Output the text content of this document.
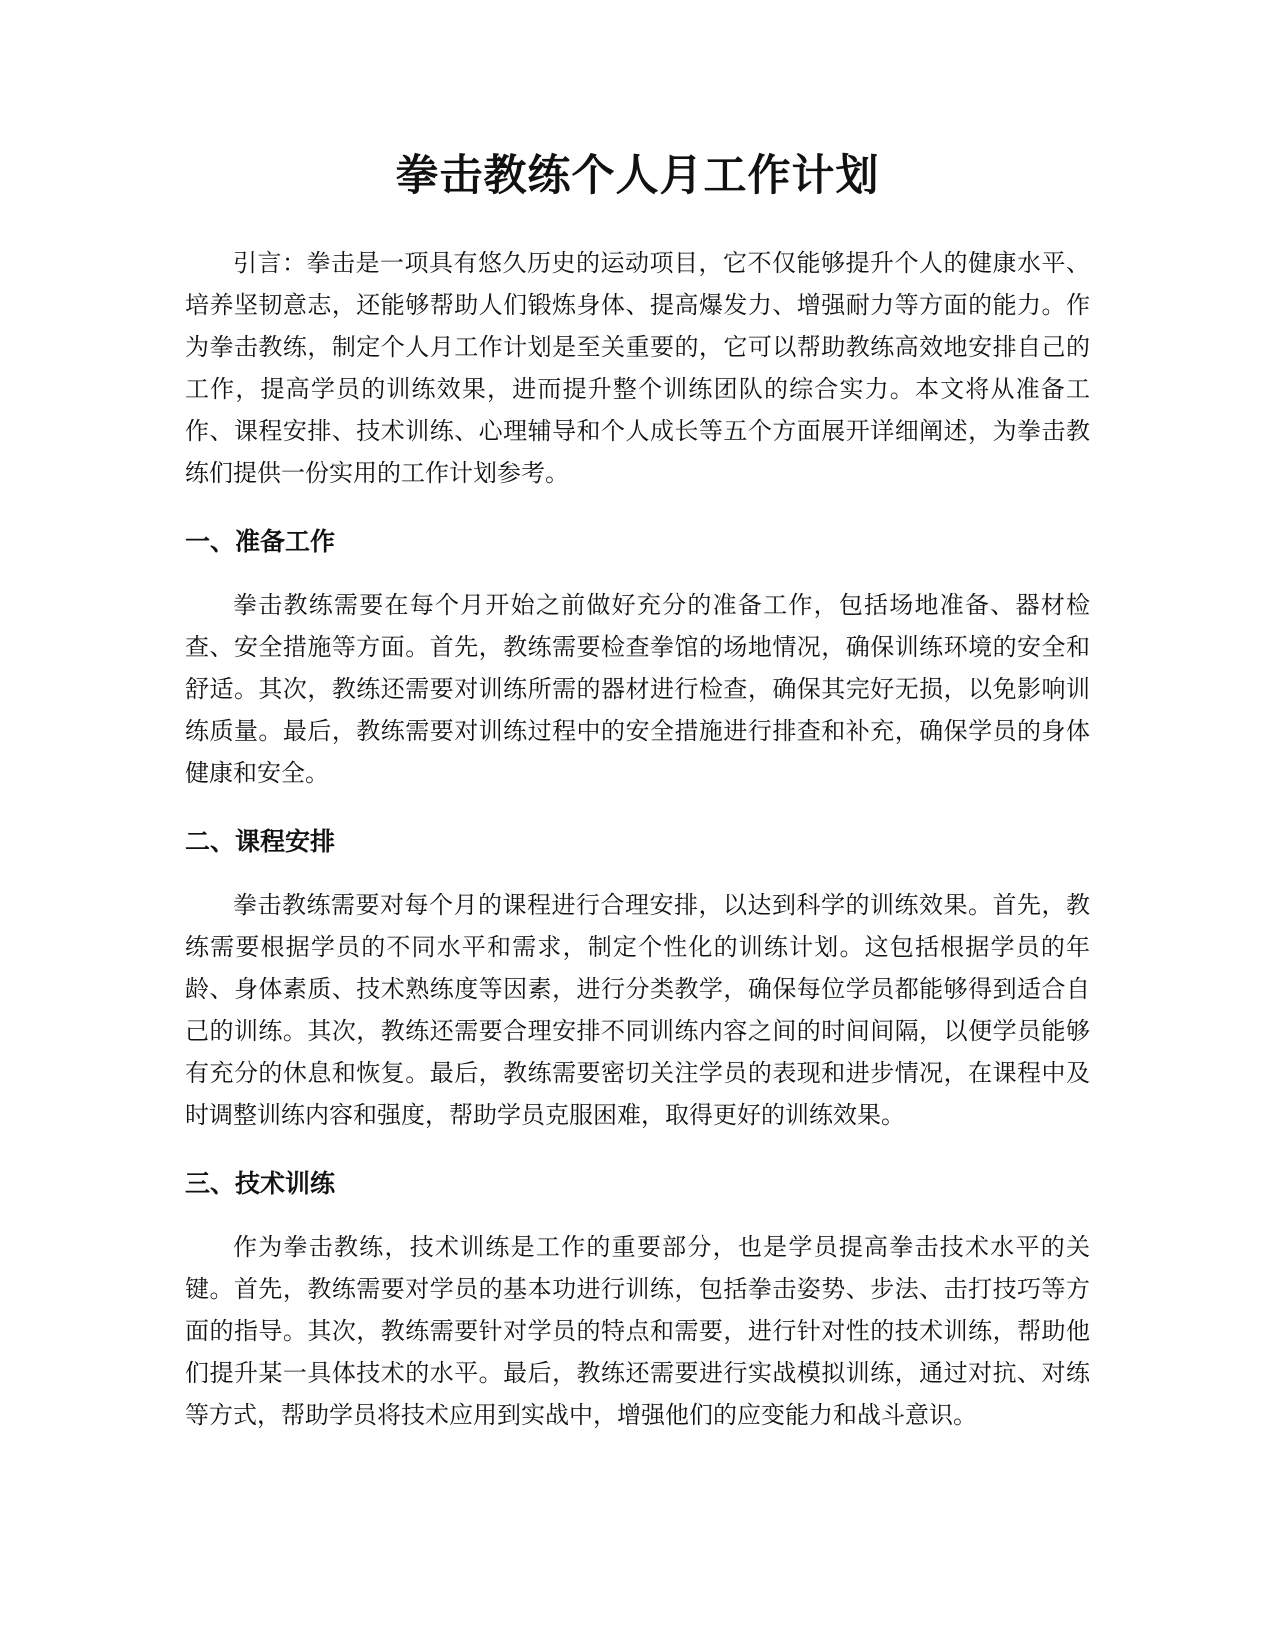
拳击教练个人月工作计划

引言：拳击是一项具有悠久历史的运动项目，它不仅能够提升个人的健康水平、培养坚韧意志，还能够帮助人们锻炼身体、提高爆发力、增强耐力等方面的能力。作为拳击教练，制定个人月工作计划是至关重要的，它可以帮助教练高效地安排自己的工作，提高学员的训练效果，进而提升整个训练团队的综合实力。本文将从准备工作、课程安排、技术训练、心理辅导和个人成长等五个方面展开详细阐述，为拳击教练们提供一份实用的工作计划参考。

一、准备工作

拳击教练需要在每个月开始之前做好充分的准备工作，包括场地准备、器材检查、安全措施等方面。首先，教练需要检查拳馆的场地情况，确保训练环境的安全和舒适。其次，教练还需要对训练所需的器材进行检查，确保其完好无损，以免影响训练质量。最后，教练需要对训练过程中的安全措施进行排查和补充，确保学员的身体健康和安全。

二、课程安排

拳击教练需要对每个月的课程进行合理安排，以达到科学的训练效果。首先，教练需要根据学员的不同水平和需求，制定个性化的训练计划。这包括根据学员的年龄、身体素质、技术熟练度等因素，进行分类教学，确保每位学员都能够得到适合自己的训练。其次，教练还需要合理安排不同训练内容之间的时间间隔，以便学员能够有充分的休息和恢复。最后，教练需要密切关注学员的表现和进步情况，在课程中及时调整训练内容和强度，帮助学员克服困难，取得更好的训练效果。

三、技术训练

作为拳击教练，技术训练是工作的重要部分，也是学员提高拳击技术水平的关键。首先，教练需要对学员的基本功进行训练，包括拳击姿势、步法、击打技巧等方面的指导。其次，教练需要针对学员的特点和需要，进行针对性的技术训练，帮助他们提升某一具体技术的水平。最后，教练还需要进行实战模拟训练，通过对抗、对练等方式，帮助学员将技术应用到实战中，增强他们的应变能力和战斗意识。
